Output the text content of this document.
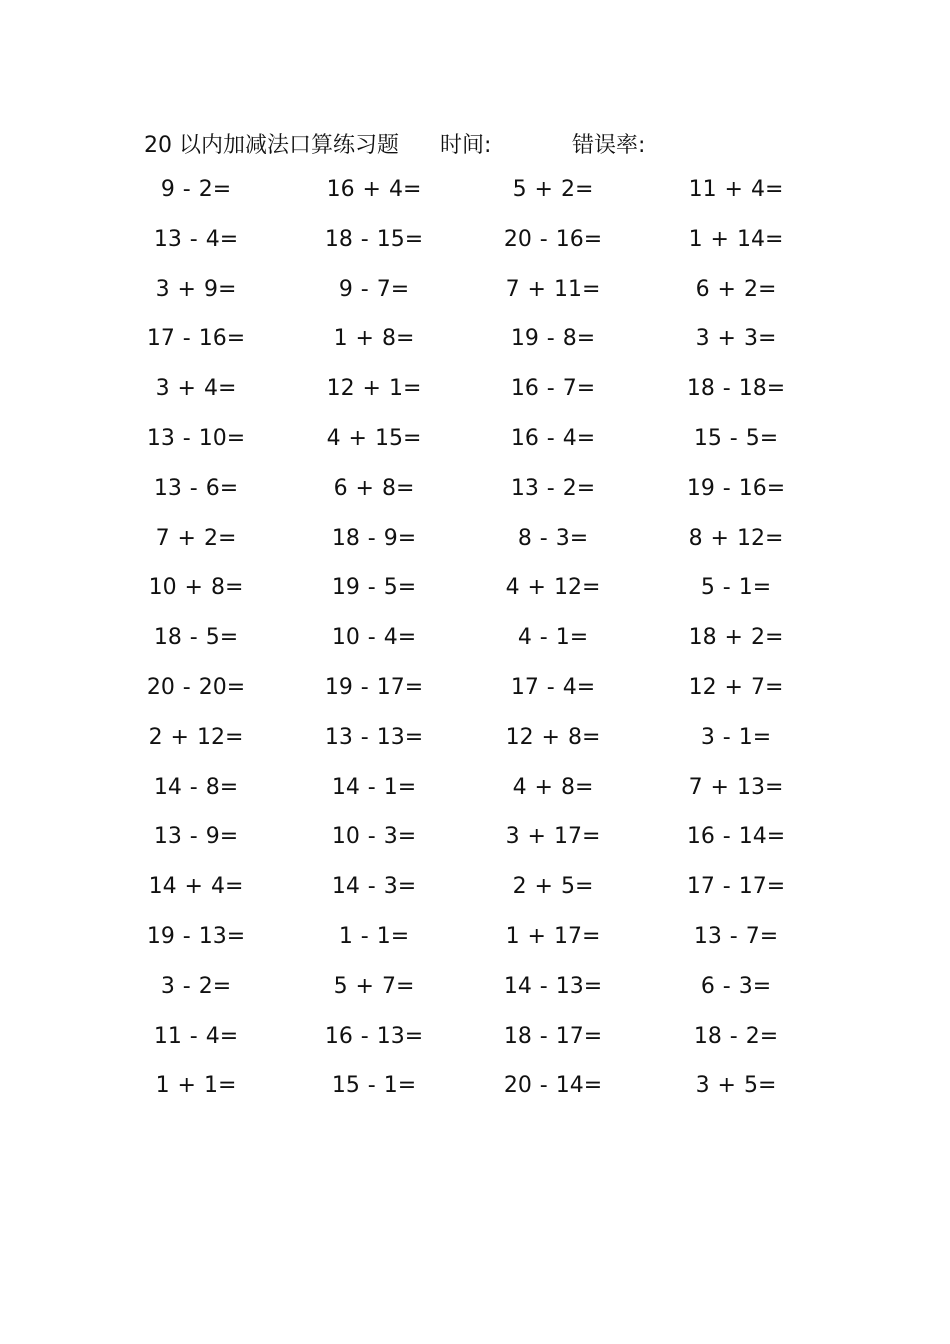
20 以内加减法口算练习题 时间:	错误率:
9 - 2=	16 + 4=	5 + 2=	11 + 4=
13 - 4=	18 - 15=	20 - 16=	1 + 14=
3 + 9=	9 - 7=	7 + 11=	6 + 2=
17 - 16=	1 + 8=	19 - 8=	3 + 3=
3 + 4=	12 + 1=	16 - 7=	18 - 18=
13 - 10=	4 + 15=	16 - 4=	15 - 5=
13 - 6=	6 + 8=	13 - 2=	19 - 16=
7 + 2=	18 - 9=	8 - 3=	8 + 12=
10 + 8=	19 - 5=	4 + 12=	5 - 1=
18 - 5=	10 - 4=	4 - 1=	18 + 2=
20 - 20=	19 - 17=	17 - 4=	12 + 7=
2 + 12=	13 - 13=	12 + 8=	3 - 1=
14 - 8=	14 - 1=	4 + 8=	7 + 13=
13 - 9=	10 - 3=	3 + 17=	16 - 14=
14 + 4=	14 - 3=	2 + 5=	17 - 17=
19 - 13=	1 - 1=	1 + 17=	13 - 7=
3 - 2=	5 + 7=	14 - 13=	6 - 3=
11 - 4=	16 - 13=	18 - 17=	18 - 2=
1 + 1=	15 - 1=	20 - 14=	3 + 5=
